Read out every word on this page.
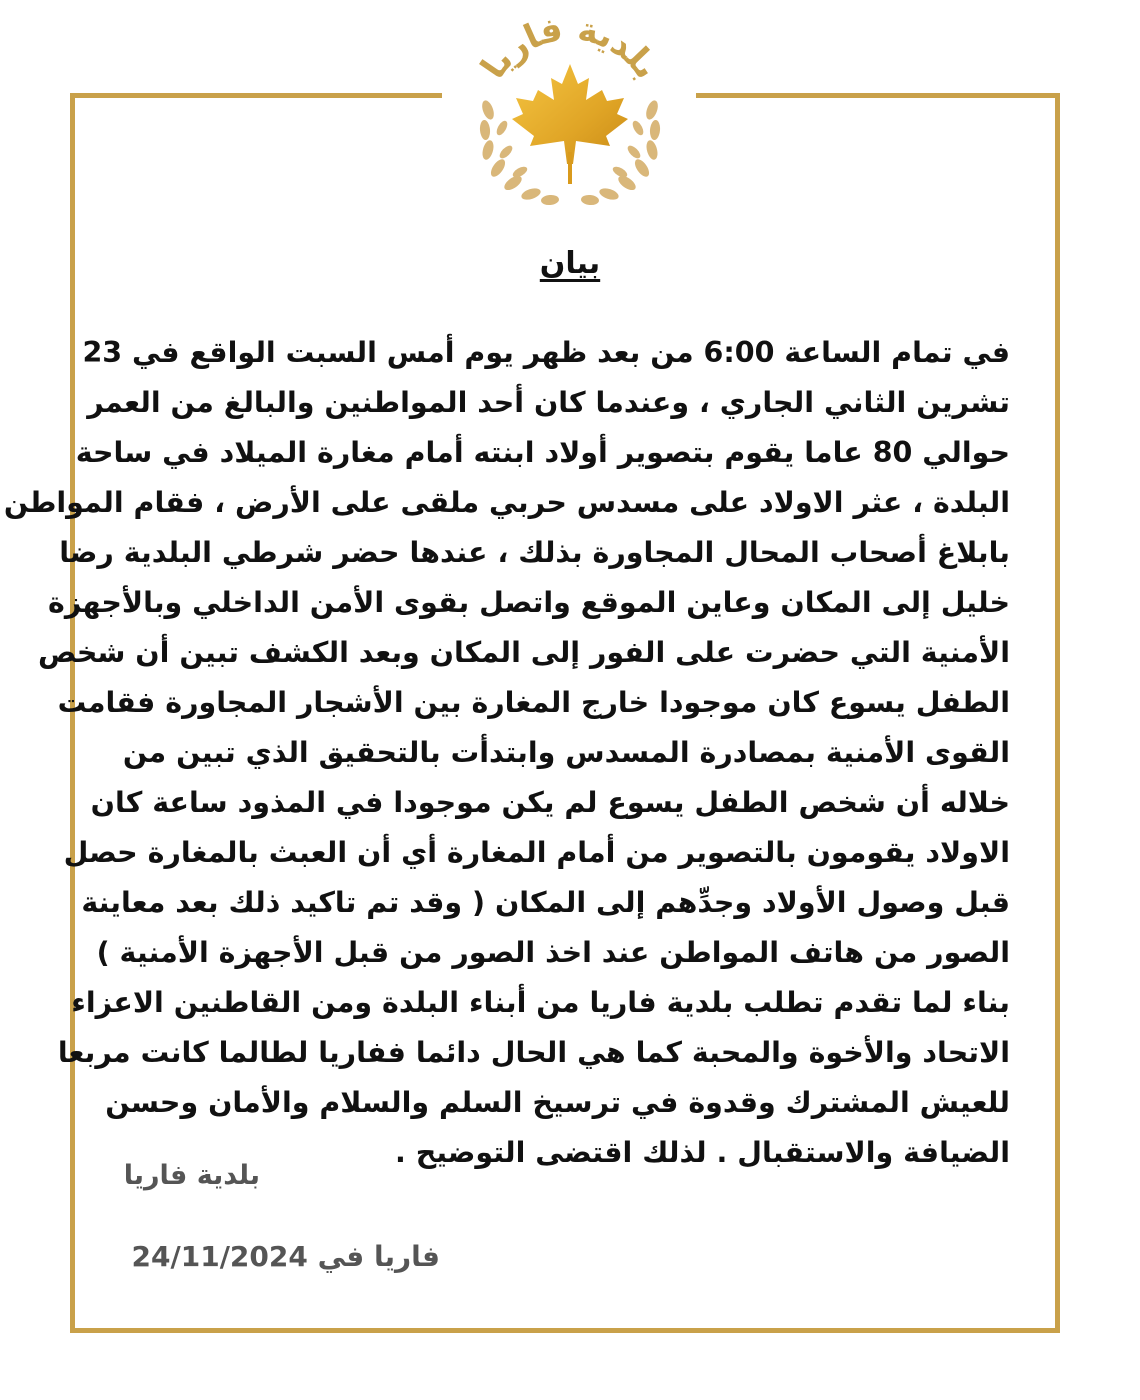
بلدية فاريا
بيان
في تمام الساعة 6:00 من بعد ظهر يوم أمس السبت الواقع في 23
تشرين الثاني الجاري ، وعندما كان أحد المواطنين والبالغ من العمر
حوالي 80 عاما يقوم بتصوير أولاد ابنته أمام مغارة الميلاد في ساحة
البلدة ، عثر الاولاد على مسدس حربي ملقى على الأرض ، فقام المواطن
بابلاغ أصحاب المحال المجاورة بذلك ، عندها حضر شرطي البلدية رضا
خليل إلى المكان وعاين الموقع واتصل بقوى الأمن الداخلي وبالأجهزة
الأمنية التي حضرت على الفور إلى المكان وبعد الكشف تبين أن شخص
الطفل يسوع كان موجودا خارج المغارة بين الأشجار المجاورة فقامت
القوى الأمنية بمصادرة المسدس وابتدأت بالتحقيق الذي تبين من
خلاله أن شخص الطفل يسوع لم يكن موجودا في المذود ساعة كان
الاولاد يقومون بالتصوير من أمام المغارة أي أن العبث بالمغارة حصل
قبل وصول الأولاد وجدِّهم إلى المكان ( وقد تم تاكيد ذلك بعد معاينة
الصور من هاتف المواطن عند اخذ الصور من قبل الأجهزة الأمنية )
بناء لما تقدم تطلب بلدية فاريا من أبناء البلدة ومن القاطنين الاعزاء
الاتحاد والأخوة والمحبة كما هي الحال دائما ففاريا لطالما كانت مربعا
للعيش المشترك وقدوة في ترسيخ السلم والسلام والأمان وحسن
الضيافة والاستقبال . لذلك اقتضى التوضيح .
بلدية فاريا
فاريا في 24/11/2024
